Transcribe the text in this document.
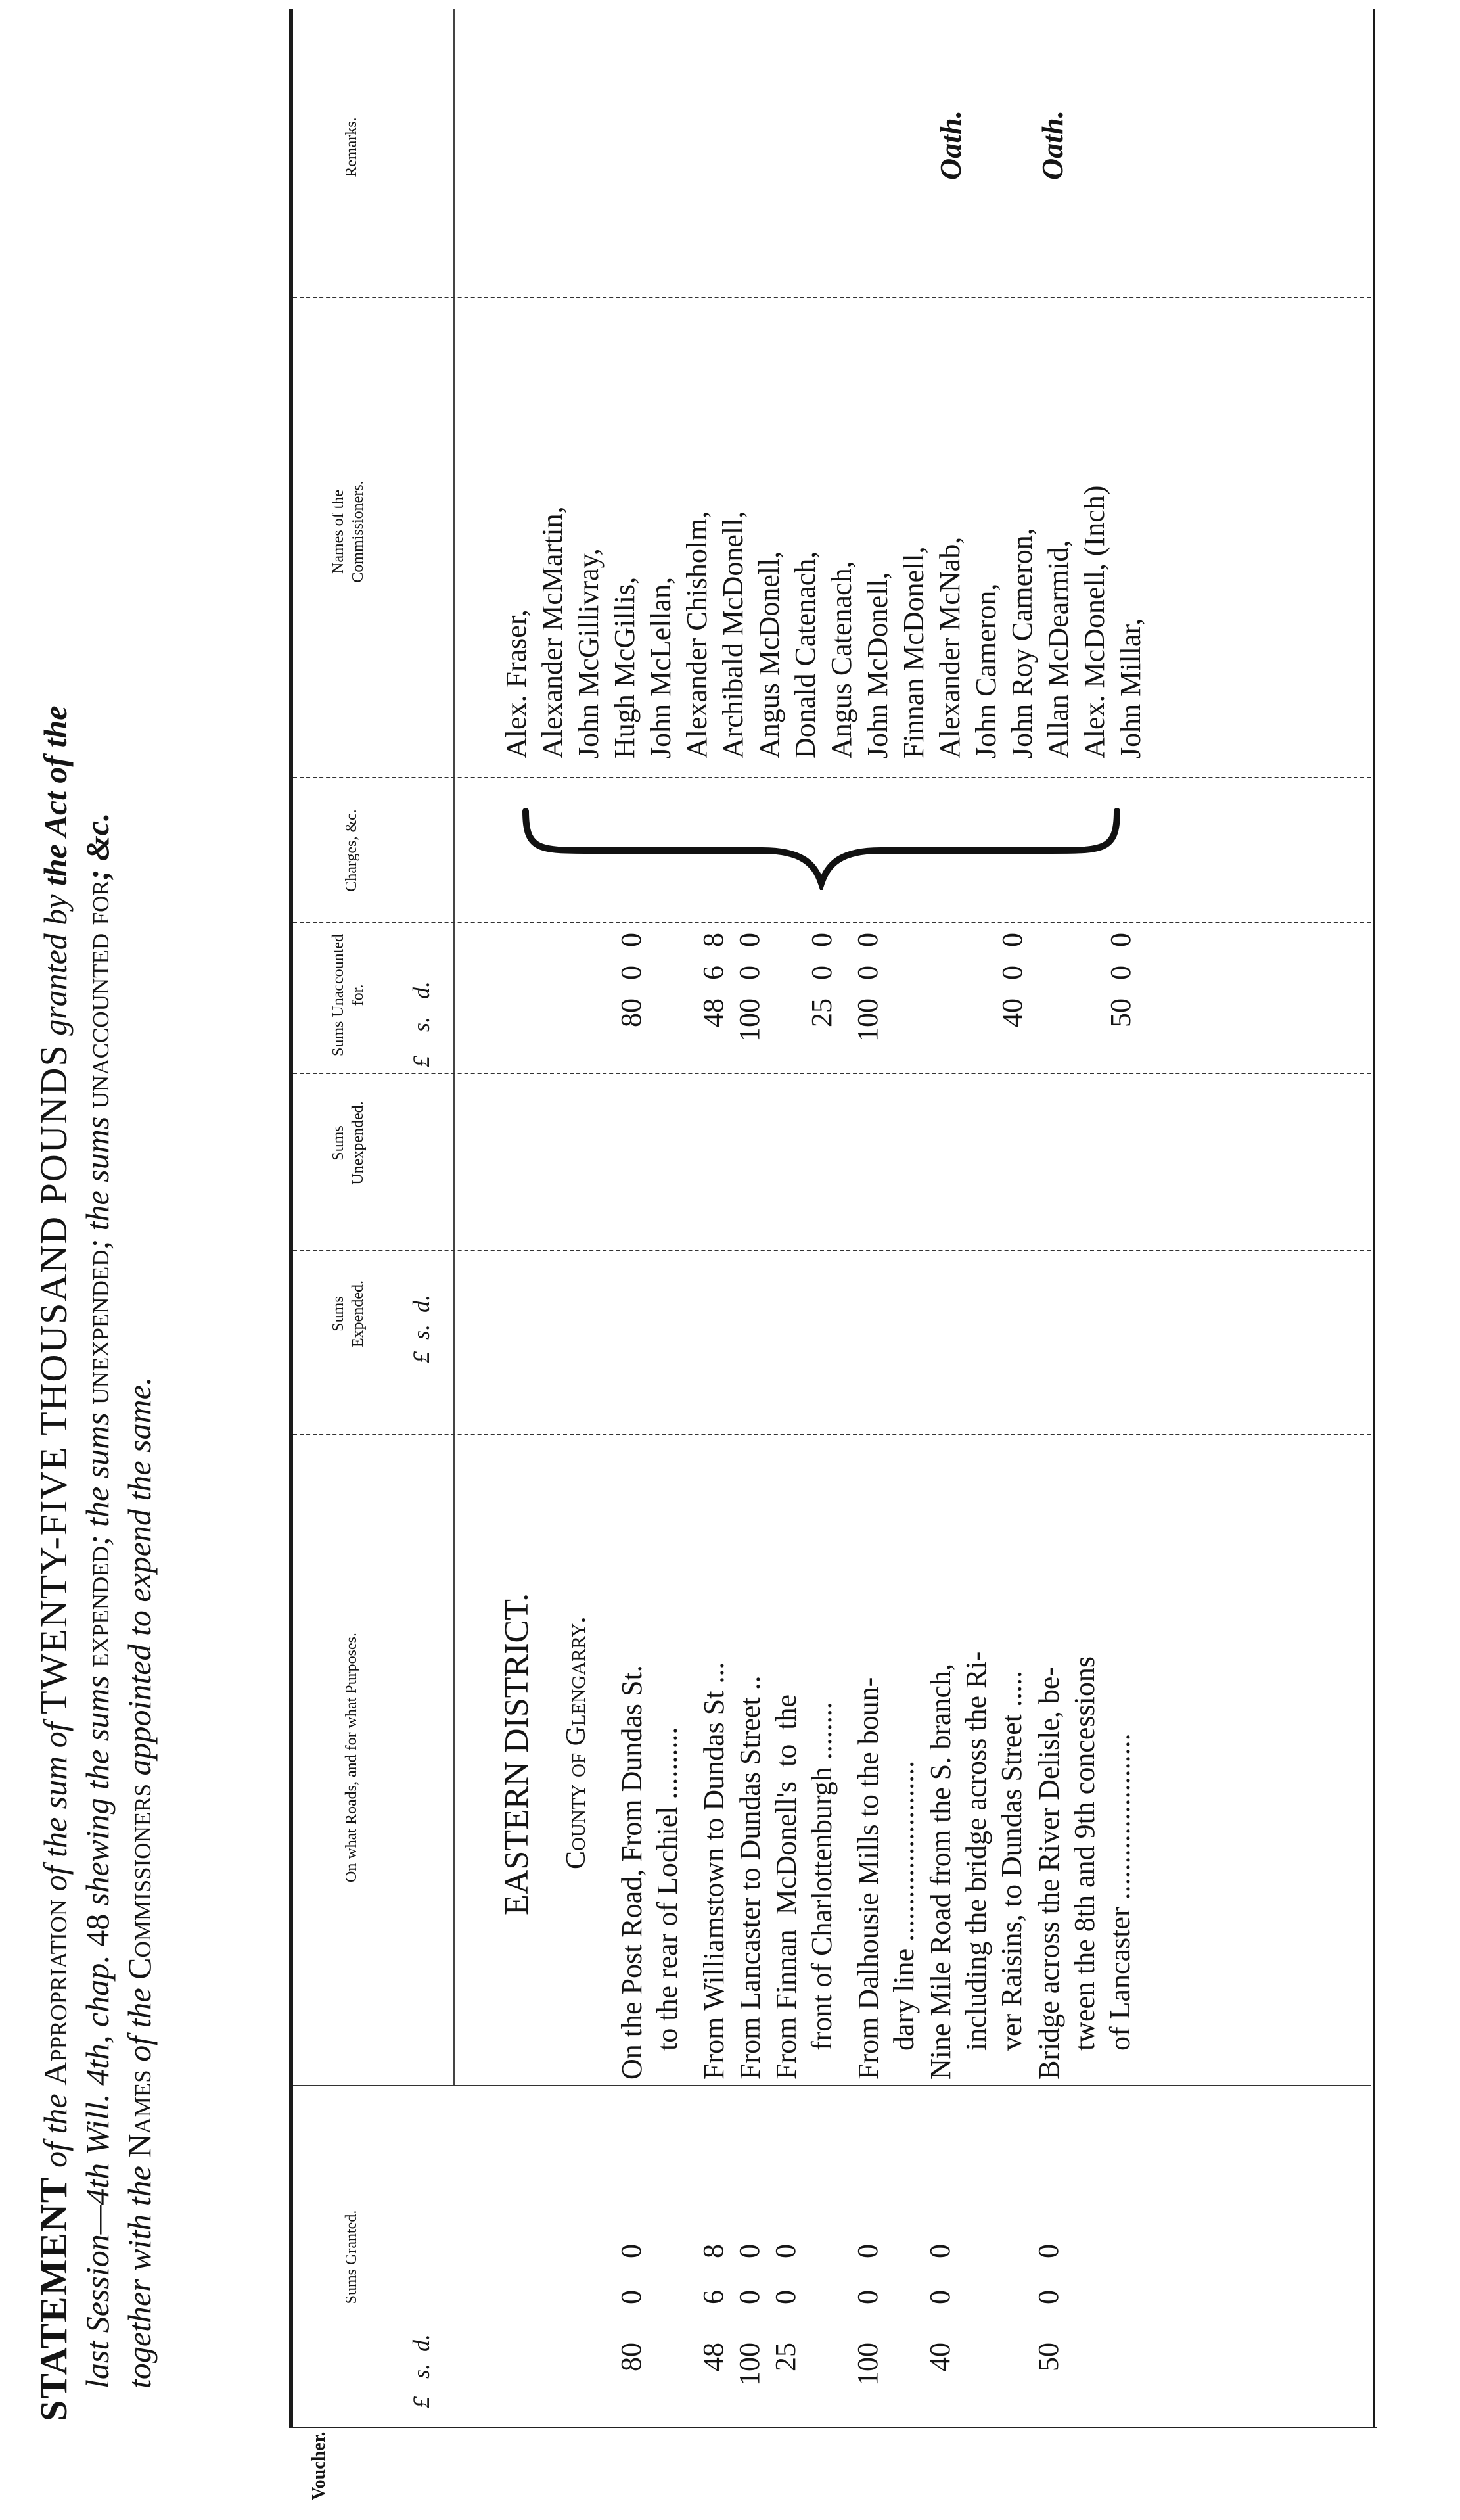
STATEMENT of the Appropriation of the sum of TWENTY-FIVE THOUSAND POUNDS granted by the Act of the
last Session—4th Will. 4th, chap. 48 shewing the sums expended; the sums unexpended; the sums unaccounted for; &c.
together with the Names of the Commissioners appointed to expend the same.
Sums Granted.
On what Roads, and for what Purposes.
Sums Expended.
Sums Unexpended.
Sums Unaccounted for.
Charges, &c.
Names of the Commissioners.
Remarks.
£   s.  d.
£  s.  d.
£    s.   d.
EASTERN DISTRICT. County of Glengarry.
80
0
0
On the Post Road, From Dundas St.
to the rear of Lochiel ..........
80
0
0
48
6
8
From Williamstown to Dundas St ...
48
6
8
100
0
0
From Lancaster to Dundas Street ..
100
0
0
25
0
0
From Finnan  McDonell's  to  the
front of Charlottenburgh ........
25
0
0
100
0
0
From Dalhousie Mills to the boun-
dary line .........................
100
0
0
40
0
0
Nine Mile Road from the S. branch,
including the bridge across the Ri-
ver Raisins, to Dundas Street .....
40
0
0
50
0
0
Bridge across the River Delisle, be-
tween the 8th and 9th concessions
of Lancaster .......................
50
0
0
Alex. Fraser, Alexander McMartin, John McGillivray, Hugh McGillis, John McLellan, Alexander Chisholm, Archibald McDonell, Angus McDonell, Donald Catenach, Angus Catenach, John McDonell, Finnan McDonell, Alexander McNab, John Cameron, John Roy Cameron, Allan McDearmid, Alex. McDonell, (Inch) John Millar,
Oath. Oath.
Voucher.
